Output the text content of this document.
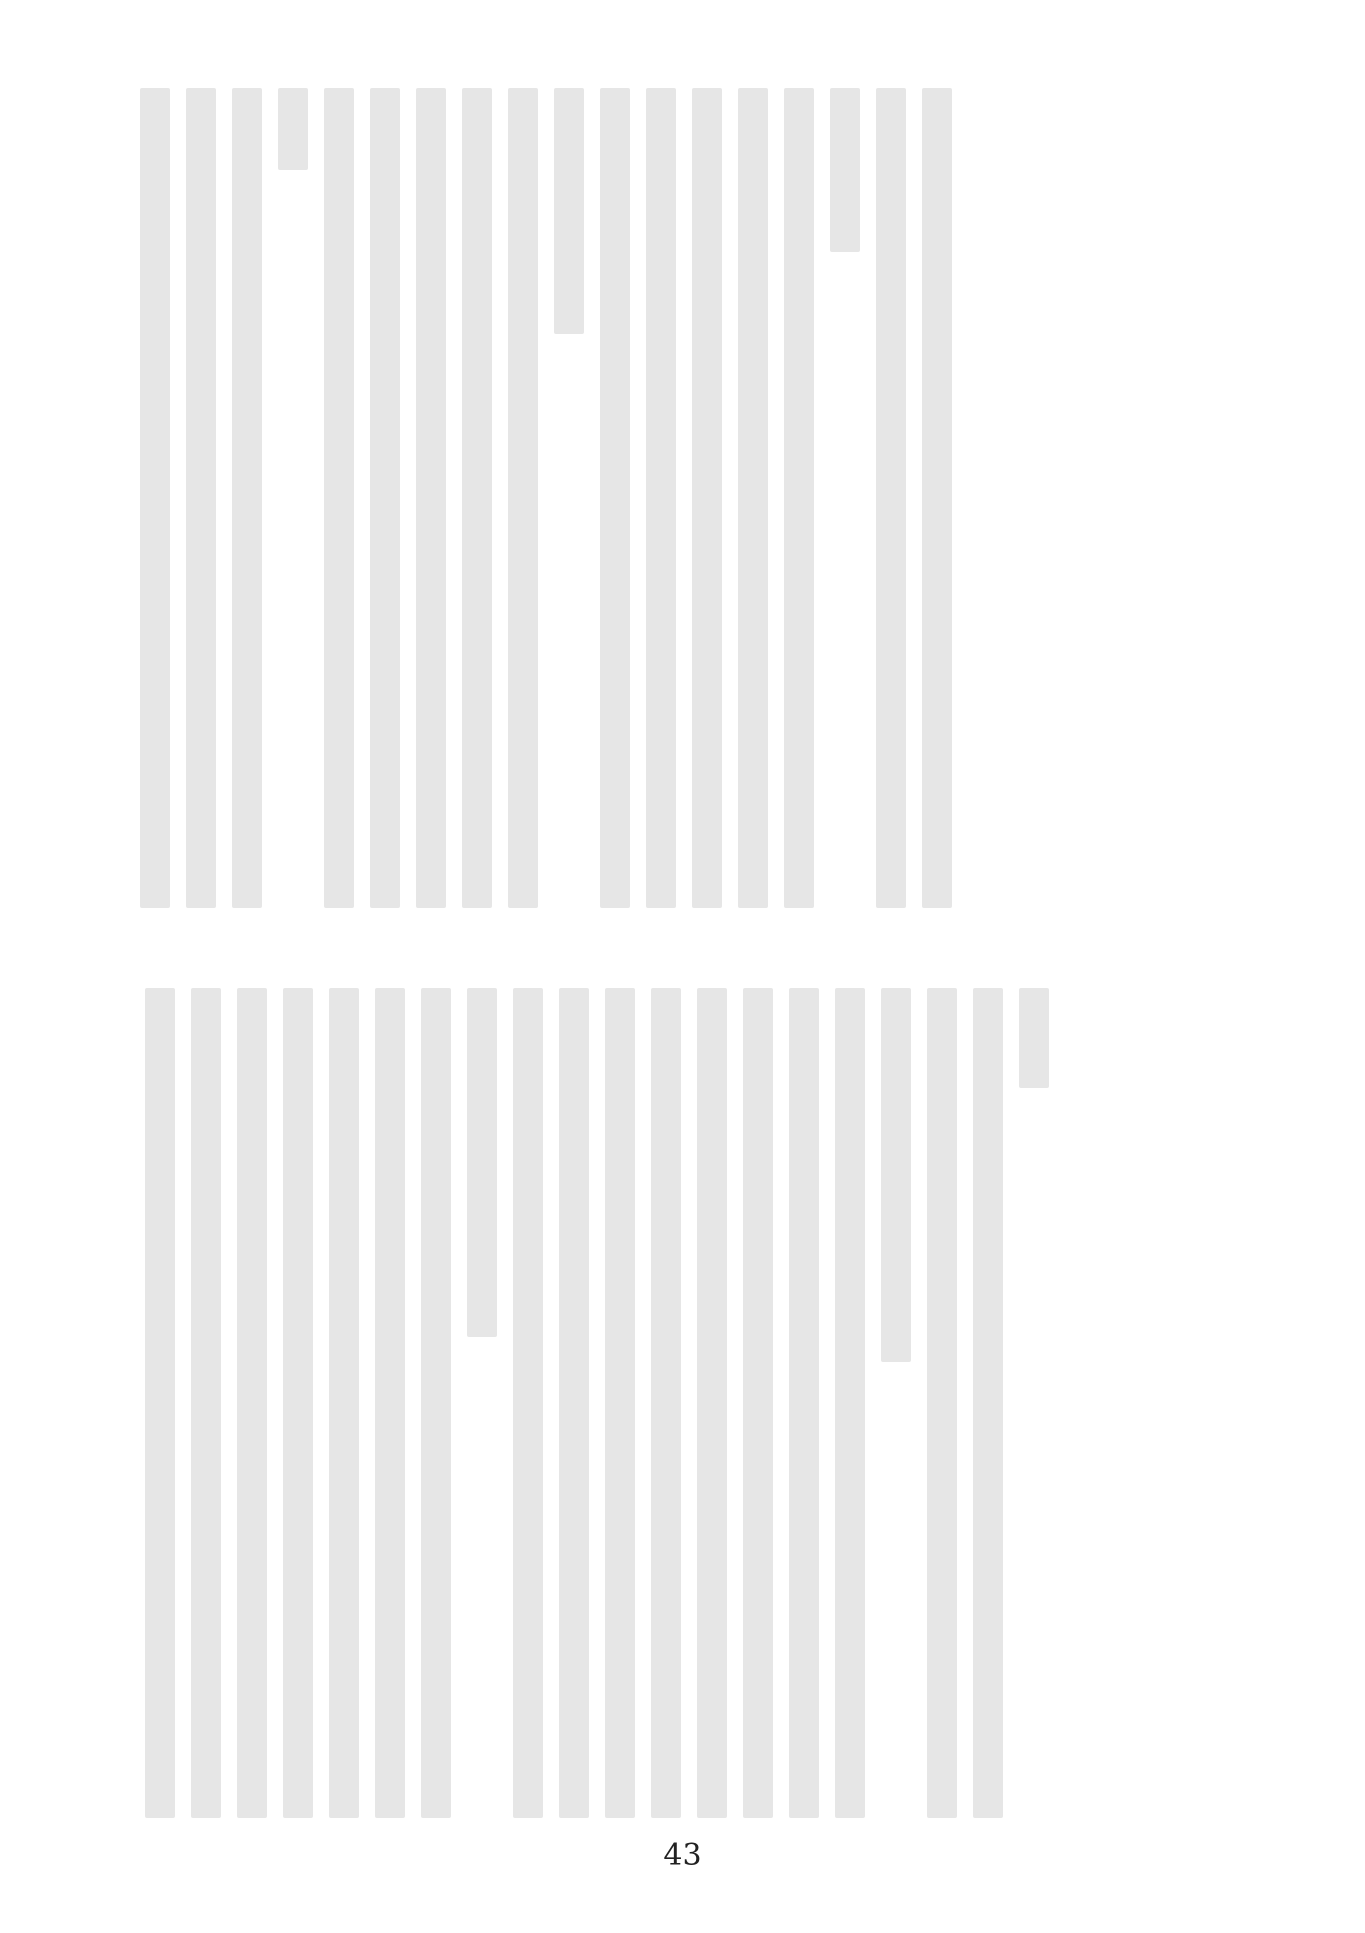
43
